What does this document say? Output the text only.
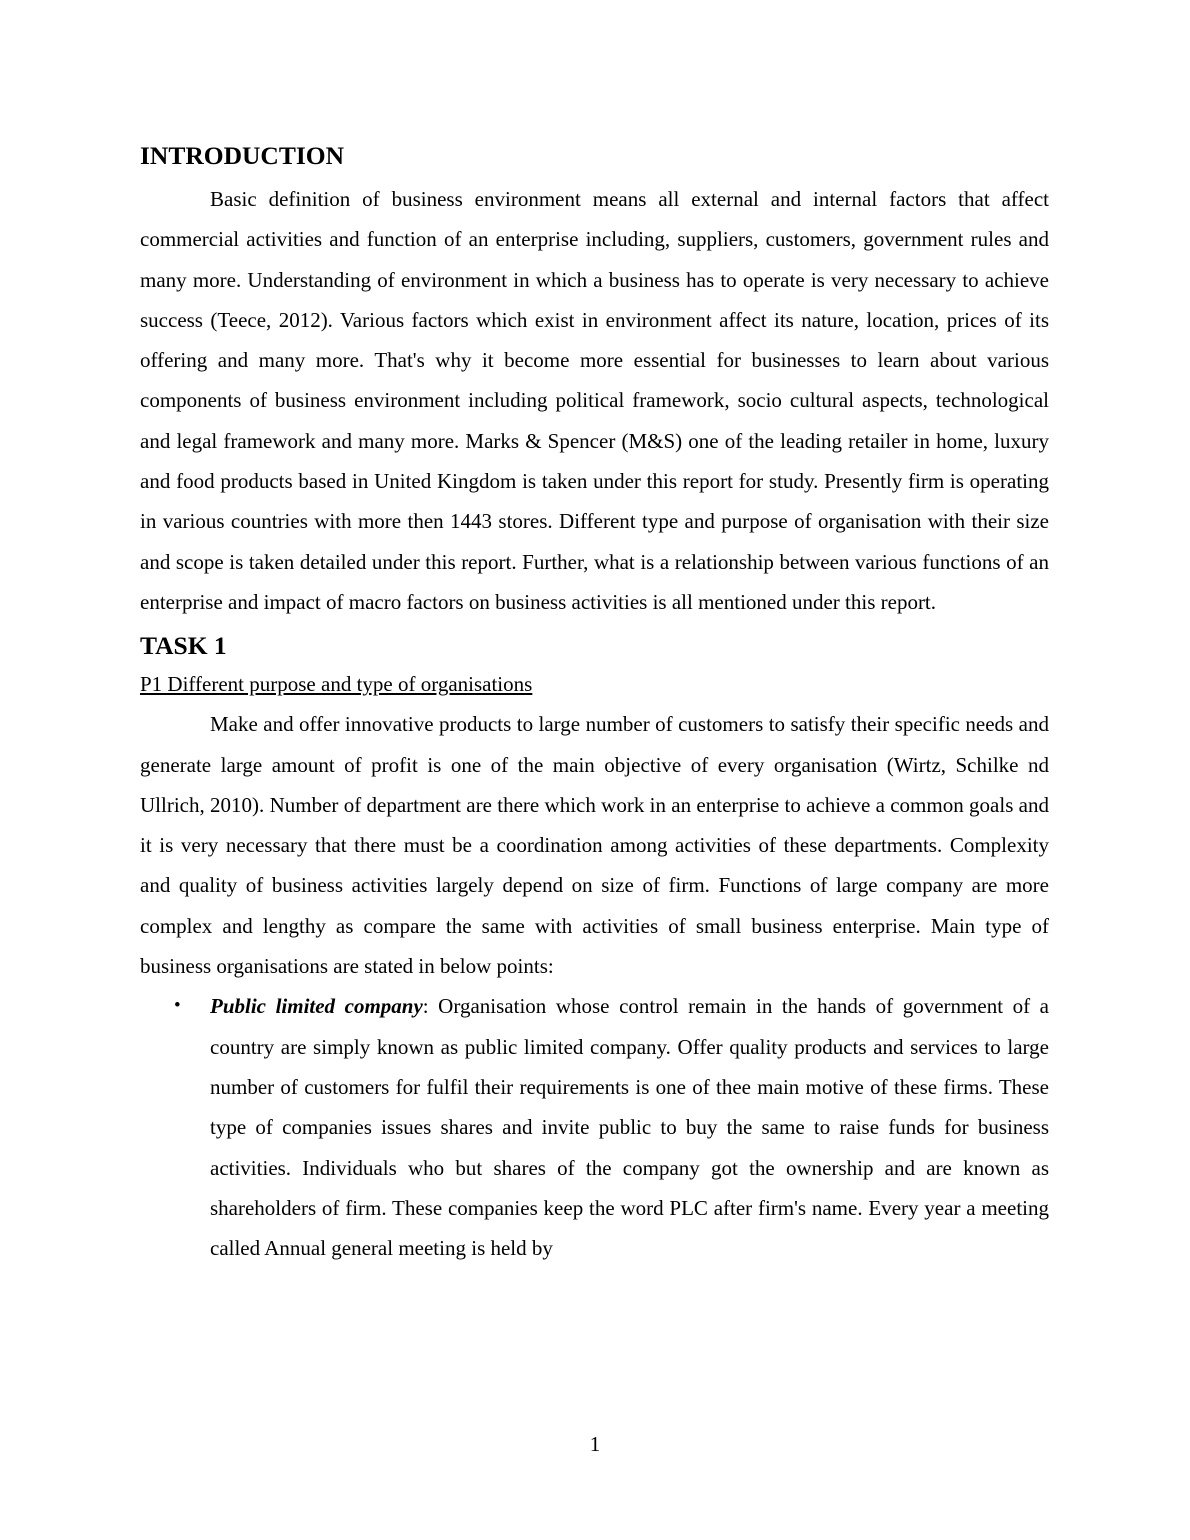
INTRODUCTION

Basic definition of business environment means all external and internal factors that affect commercial activities and function of an enterprise including, suppliers, customers, government rules and many more. Understanding of environment in which a business has to operate is very necessary to achieve success (Teece, 2012). Various factors which exist in environment affect its nature, location, prices of its offering and many more. That's why it become more essential for businesses to learn about various components of business environment including political framework, socio cultural aspects, technological and legal framework and many more. Marks & Spencer (M&S) one of the leading retailer in home, luxury and food products based in United Kingdom is taken under this report for study. Presently firm is operating in various countries with more then 1443 stores. Different type and purpose of organisation with their size and scope is taken detailed under this report. Further, what is a relationship between various functions of an enterprise and impact of macro factors on business activities is all mentioned under this report.

TASK 1

P1 Different purpose and type of organisations

Make and offer innovative products to large number of customers to satisfy their specific needs and generate large amount of profit is one of the main objective of every organisation (Wirtz, Schilke nd Ullrich, 2010). Number of department are there which work in an enterprise to achieve a common goals and it is very necessary that there must be a coordination among activities of these departments. Complexity and quality of business activities largely depend on size of firm. Functions of large company are more complex and lengthy as compare the same with activities of small business enterprise. Main type of business organisations are stated in below points:

• Public limited company: Organisation whose control remain in the hands of government of a country are simply known as public limited company. Offer quality products and services to large number of customers for fulfil their requirements is one of thee main motive of these firms. These type of companies issues shares and invite public to buy the same to raise funds for business activities. Individuals who but shares of the company got the ownership and are known as shareholders of firm. These companies keep the word PLC after firm's name. Every year a meeting called Annual general meeting is held by
1
